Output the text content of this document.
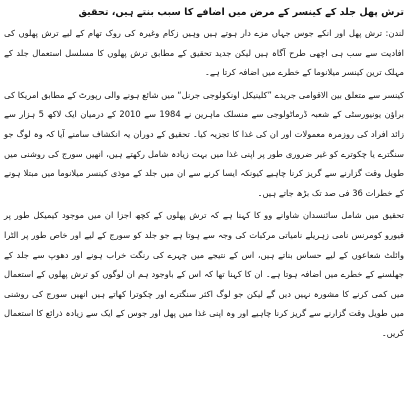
ترش پھل جلد کے کینسر کے مرض میں اضافے کا سبب بنتے ہیں، تحقیق

لندن: ترش پھل اور انکے جوس جہاں مزے دار ہوتے ہیں وہیں زکام وغیرہ کی روک تھام کے لیے ترش پھلوں کی افادیت سے سب ہی اچھی طرح آگاہ ہیں لیکن جدید تحقیق کے مطابق ترش پھلوں کا مسلسل استعمال جلد کے مہلک ترین کینسر میلانوما کے خطرے میں اضافہ کرتا ہے۔

کینسر سے متعلق بین الاقوامی جریدے ”کلینیکل اونکولوجی جرنل“ میں شائع ہونے والی رپورٹ کے مطابق امریکا کی براؤن یونیورسٹی کے شعبہ ڈرماٹولوجی سے منسلک ماہرین نے 1984 سے 2010 کے درمیان ایک لاکھ 5 ہزار سے زائد افراد کی روزمرہ معمولات اور ان کی غذا کا تجزیہ کیا۔ تحقیق کے دوران یہ انکشاف سامنے آیا کہ وہ لوگ جو سنگترے یا چکوترے کو غیر ضروری طور پر اپنی غذا میں بہت زیادہ شامل رکھتے ہیں، انھیں سورج کی روشنی میں طویل وقت گزارنے سے گریز کرنا چاہیے کیونکہ ایسا کرنے سے ان میں جلد کے موذی کینسر میلانوما میں مبتلا ہونے کے خطرات 36 فی صد تک بڑھ جاتے ہیں۔

تحقیق میں شامل سائنسدان شاوانے وو کا کہنا ہے کہ ترش پھلوں کے کچھ اجزا ان میں موجود کیمیکل طور پر فیورو کومرنس نامی زہریلے نامیاتی مرکبات کی وجہ سے ہوتا ہے جو جلد کو سورج کے لیے اور خاص طور پر الٹرا وائلٹ شعاعوں کے لیے حساس بناتے ہیں، اس کے نتیجے میں چہرے کی رنگت خراب ہونے اور دھوپ سے جلد کے جھلسنے کے خطرے میں اضافہ ہوتا ہے۔ ان کا کہنا تھا کہ اس کے باوجود ہم ان لوگوں کو ترش پھلوں کے استعمال میں کمی کرنے کا مشورہ نہیں دیں گے لیکن جو لوگ اکثر سنگترے اور چکوترا کھاتے ہیں انھیں سورج کی روشنی میں طویل وقت گزارنے سے گریز کرنا چاہیے اور وہ اپنی غذا میں پھل اور جوس کے ایک سے زیادہ ذرائع کا استعمال کریں۔
